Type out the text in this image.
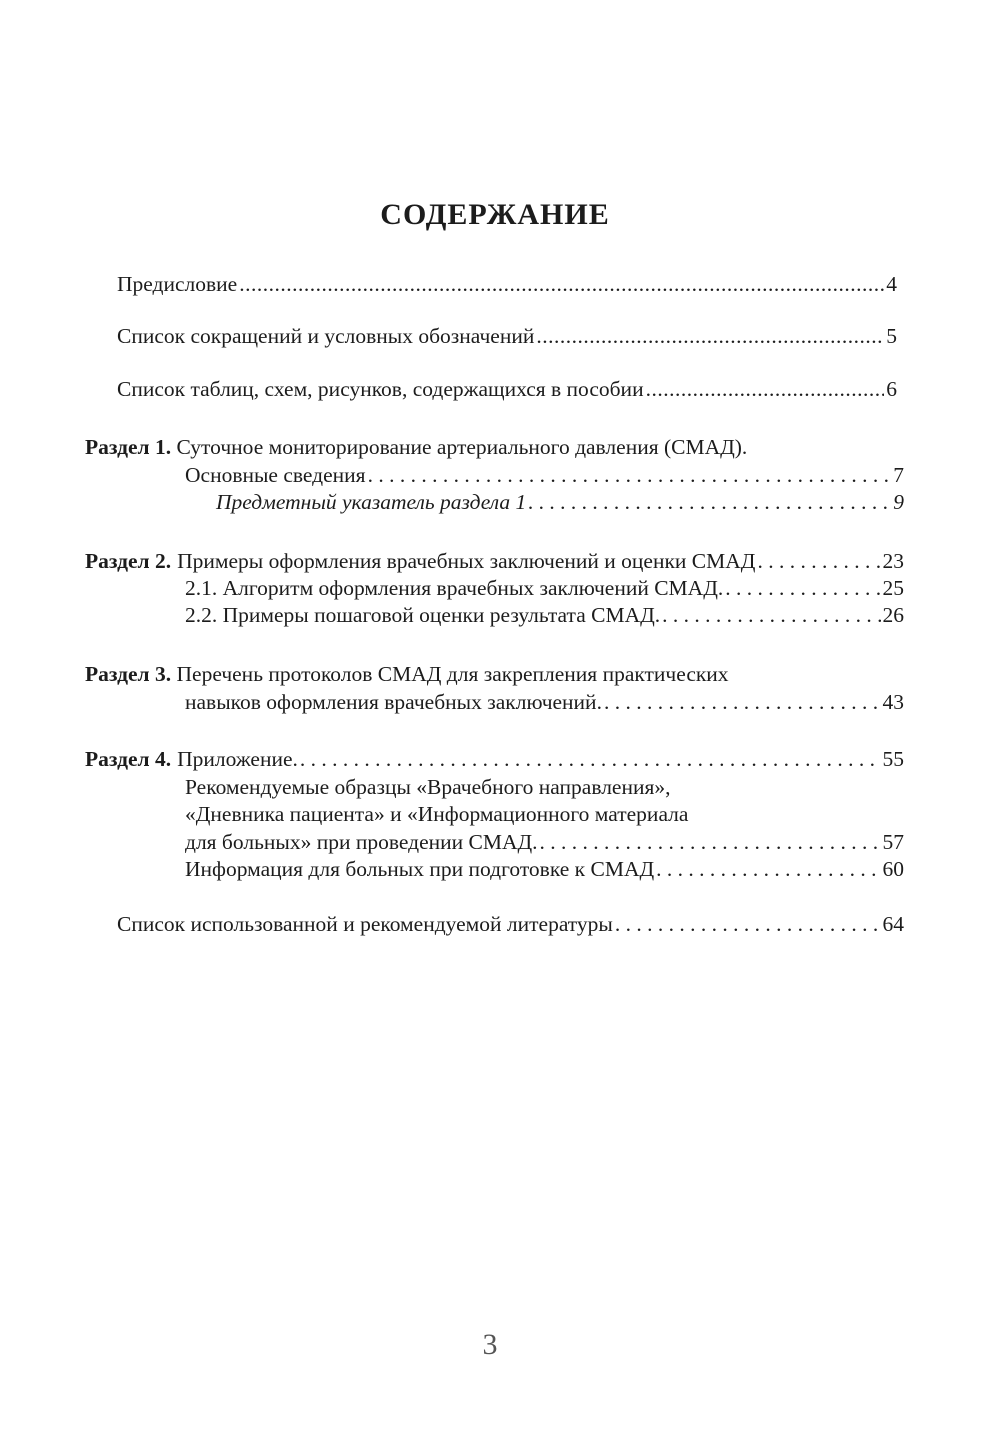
СОДЕРЖАНИЕ
Предисловие .....	4
Список сокращений и условных обозначений .....	5
Список таблиц, схем, рисунков, содержащихся в пособии .....	6
Раздел 1. Суточное мониторирование артериального давления (СМАД).
Основные сведения . . .	7
Предметный указатель раздела 1 . . .	9
Раздел 2. Примеры оформления врачебных заключений и оценки СМАД . . .	23
2.1. Алгоритм оформления врачебных заключений СМАД. . . .	25
2.2. Примеры пошаговой оценки результата СМАД. . . .	26
Раздел 3. Перечень протоколов СМАД для закрепления практических
навыков оформления врачебных заключений. . . .	43
Раздел 4. Приложение. . . .	55
Рекомендуемые образцы «Врачебного направления»,
«Дневника пациента» и «Информационного материала
для больных» при проведении СМАД. . . .	57
Информация для больных при подготовке к СМАД . . .	60
Список использованной и рекомендуемой литературы . . .	64
3
